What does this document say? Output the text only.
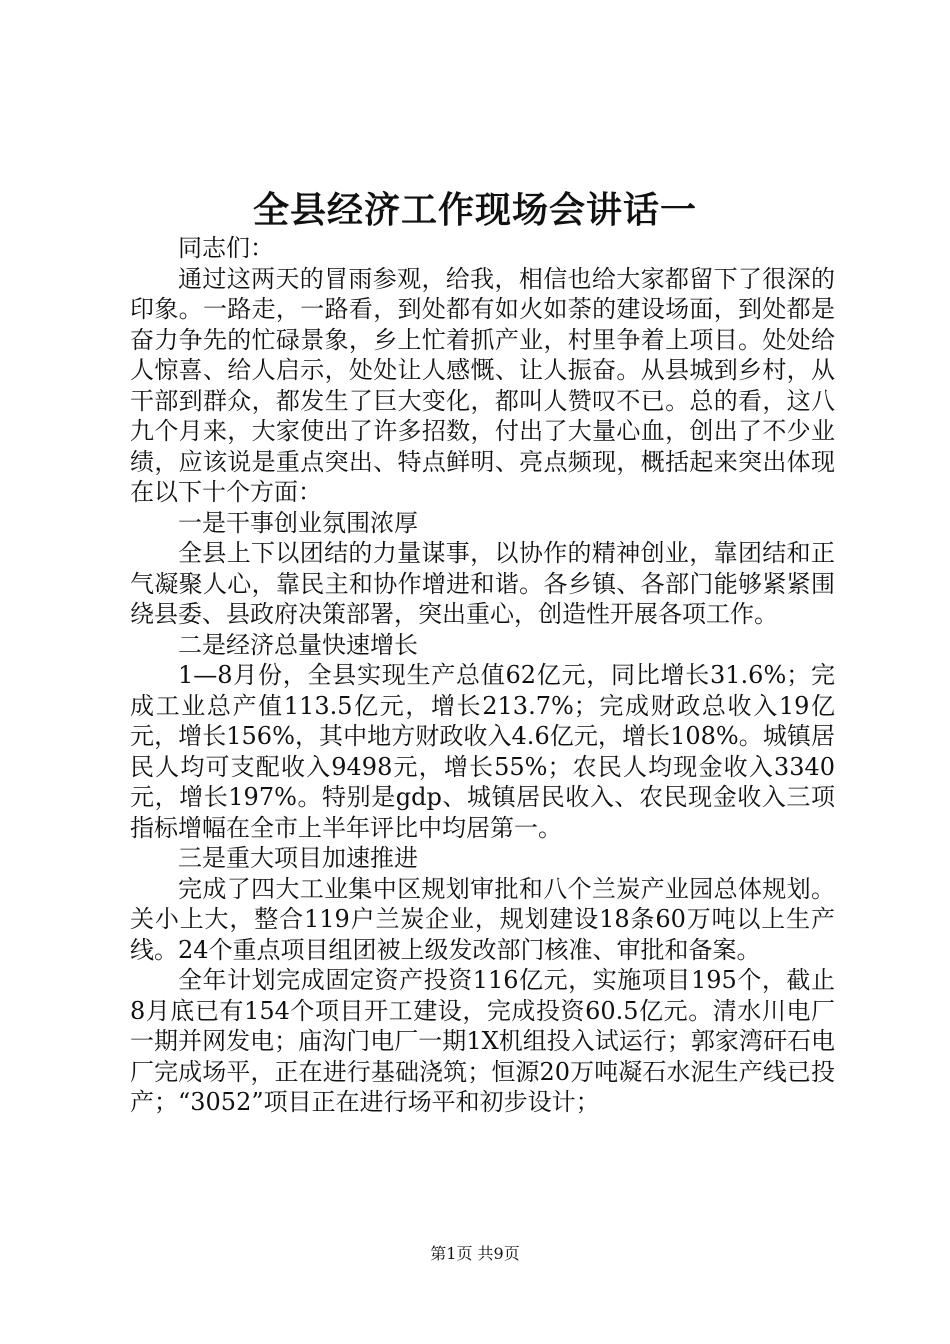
全县经济工作现场会讲话一

同志们：

通过这两天的冒雨参观，给我，相信也给大家都留下了很深的印象。一路走，一路看，到处都有如火如荼的建设场面，到处都是奋力争先的忙碌景象，乡上忙着抓产业，村里争着上项目。处处给人惊喜、给人启示，处处让人感慨、让人振奋。从县城到乡村，从干部到群众，都发生了巨大变化，都叫人赞叹不已。总的看，这八九个月来，大家使出了许多招数，付出了大量心血，创出了不少业绩，应该说是重点突出、特点鲜明、亮点频现，概括起来突出体现在以下十个方面：

一是干事创业氛围浓厚

全县上下以团结的力量谋事，以协作的精神创业，靠团结和正气凝聚人心，靠民主和协作增进和谐。各乡镇、各部门能够紧紧围绕县委、县政府决策部署，突出重心，创造性开展各项工作。

二是经济总量快速增长

1—8月份，全县实现生产总值62亿元，同比增长31.6%；完成工业总产值113.5亿元，增长213.7%；完成财政总收入19亿元，增长156%，其中地方财政收入4.6亿元，增长108%。城镇居民人均可支配收入9498元，增长55%；农民人均现金收入3340元，增长197%。特别是gdp、城镇居民收入、农民现金收入三项指标增幅在全市上半年评比中均居第一。

三是重大项目加速推进

完成了四大工业集中区规划审批和八个兰炭产业园总体规划。关小上大，整合119户兰炭企业，规划建设18条60万吨以上生产线。24个重点项目组团被上级发改部门核准、审批和备案。

全年计划完成固定资产投资116亿元，实施项目195个，截止8月底已有154个项目开工建设，完成投资60.5亿元。清水川电厂一期并网发电；庙沟门电厂一期1X机组投入试运行；郭家湾矸石电厂完成场平，正在进行基础浇筑；恒源20万吨凝石水泥生产线已投产；“3052”项目正在进行场平和初步设计；

第1页 共9页
